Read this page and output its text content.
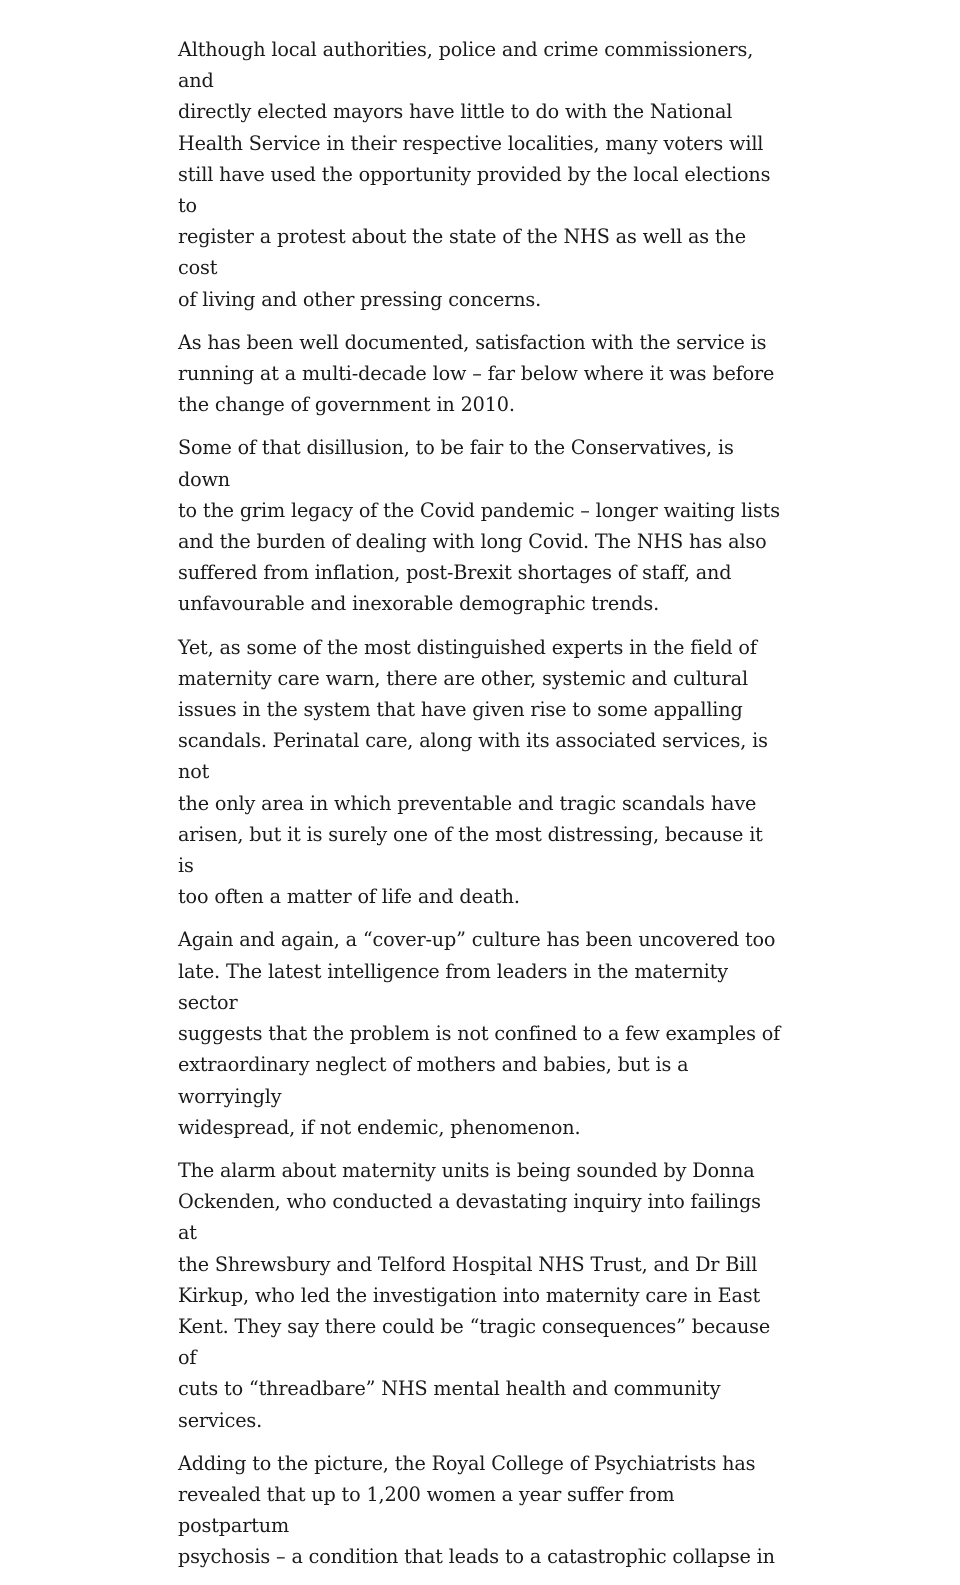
Although local authorities, police and crime commissioners, and
directly elected mayors have little to do with the National
Health Service in their respective localities, many voters will
still have used the opportunity provided by the local elections to
register a protest about the state of the NHS as well as the cost
of living and other pressing concerns.

As has been well documented, satisfaction with the service is
running at a multi-decade low – far below where it was before
the change of government in 2010.

Some of that disillusion, to be fair to the Conservatives, is down
to the grim legacy of the Covid pandemic – longer waiting lists
and the burden of dealing with long Covid. The NHS has also
suffered from inflation, post-Brexit shortages of staff, and
unfavourable and inexorable demographic trends.

Yet, as some of the most distinguished experts in the field of
maternity care warn, there are other, systemic and cultural
issues in the system that have given rise to some appalling
scandals. Perinatal care, along with its associated services, is not
the only area in which preventable and tragic scandals have
arisen, but it is surely one of the most distressing, because it is
too often a matter of life and death.

Again and again, a “cover-up” culture has been uncovered too
late. The latest intelligence from leaders in the maternity sector
suggests that the problem is not confined to a few examples of
extraordinary neglect of mothers and babies, but is a worryingly
widespread, if not endemic, phenomenon.

The alarm about maternity units is being sounded by Donna
Ockenden, who conducted a devastating inquiry into failings at
the Shrewsbury and Telford Hospital NHS Trust, and Dr Bill
Kirkup, who led the investigation into maternity care in East
Kent. They say there could be “tragic consequences” because of
cuts to “threadbare” NHS mental health and community
services.

Adding to the picture, the Royal College of Psychiatrists has
revealed that up to 1,200 women a year suffer from postpartum
psychosis – a condition that leads to a catastrophic collapse in
